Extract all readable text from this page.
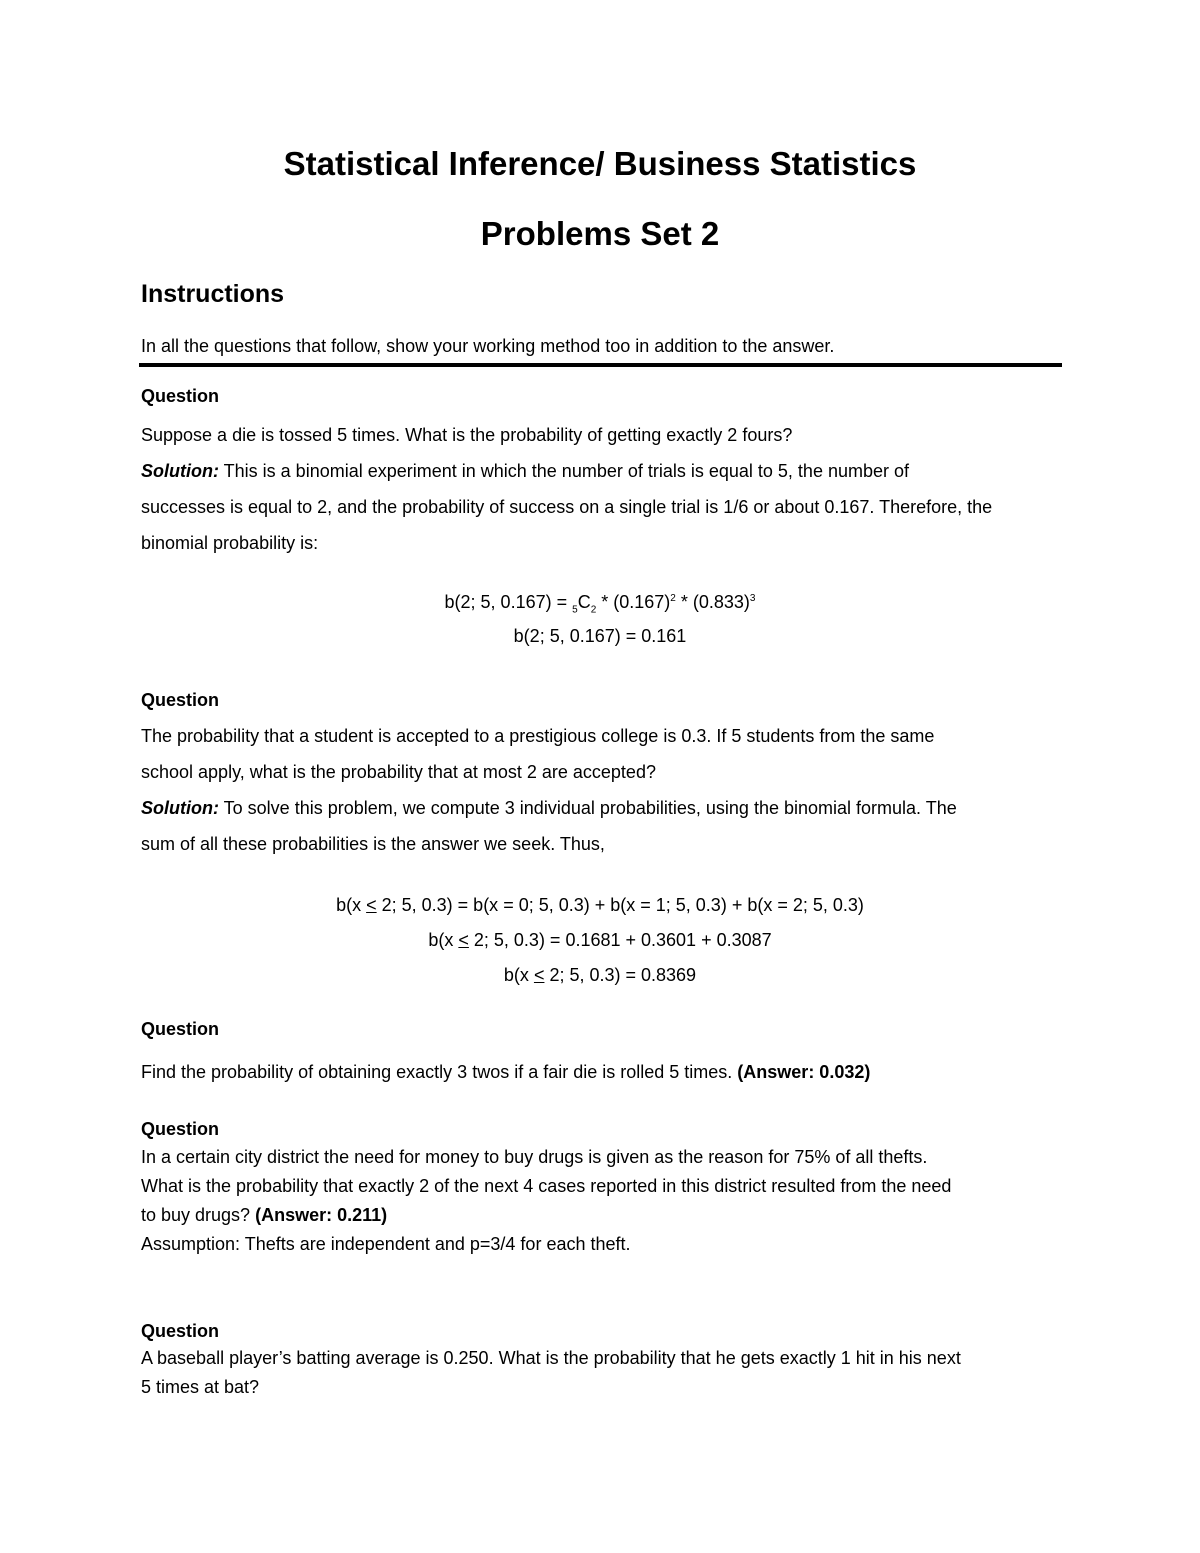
Statistical Inference/ Business Statistics
Problems Set 2
Instructions
In all the questions that follow, show your working method too in addition to the answer.
Question
Suppose a die is tossed 5 times. What is the probability of getting exactly 2 fours?
Solution: This is a binomial experiment in which the number of trials is equal to 5, the number of
successes is equal to 2, and the probability of success on a single trial is 1/6 or about 0.167. Therefore, the
binomial probability is:
b(2; 5, $0.167) = _5C_2 * (0.167)^2 * (0.833)^3$
b(2; 5, 0.167) = 0.161
Question
The probability that a student is accepted to a prestigious college is 0.3. If 5 students from the same
school apply, what is the probability that at most 2 are accepted?
Solution: To solve this problem, we compute 3 individual probabilities, using the binomial formula. The
sum of all these probabilities is the answer we seek. Thus,
b(x ≤ 2; 5, 0.3) = b(x = 0; 5, 0.3) + b(x = 1; 5, 0.3) + b(x = 2; 5, 0.3)
b(x ≤ 2; 5, 0.3) = 0.1681 + 0.3601 + 0.3087
b(x ≤ 2; 5, 0.3) = 0.8369
Question
Find the probability of obtaining exactly 3 twos if a fair die is rolled 5 times. (Answer: 0.032)
Question
In a certain city district the need for money to buy drugs is given as the reason for 75% of all thefts.
What is the probability that exactly 2 of the next 4 cases reported in this district resulted from the need
to buy drugs? (Answer: 0.211)
Assumption: Thefts are independent and p=3/4 for each theft.
Question
A baseball player’s batting average is 0.250. What is the probability that he gets exactly 1 hit in his next
5 times at bat?
